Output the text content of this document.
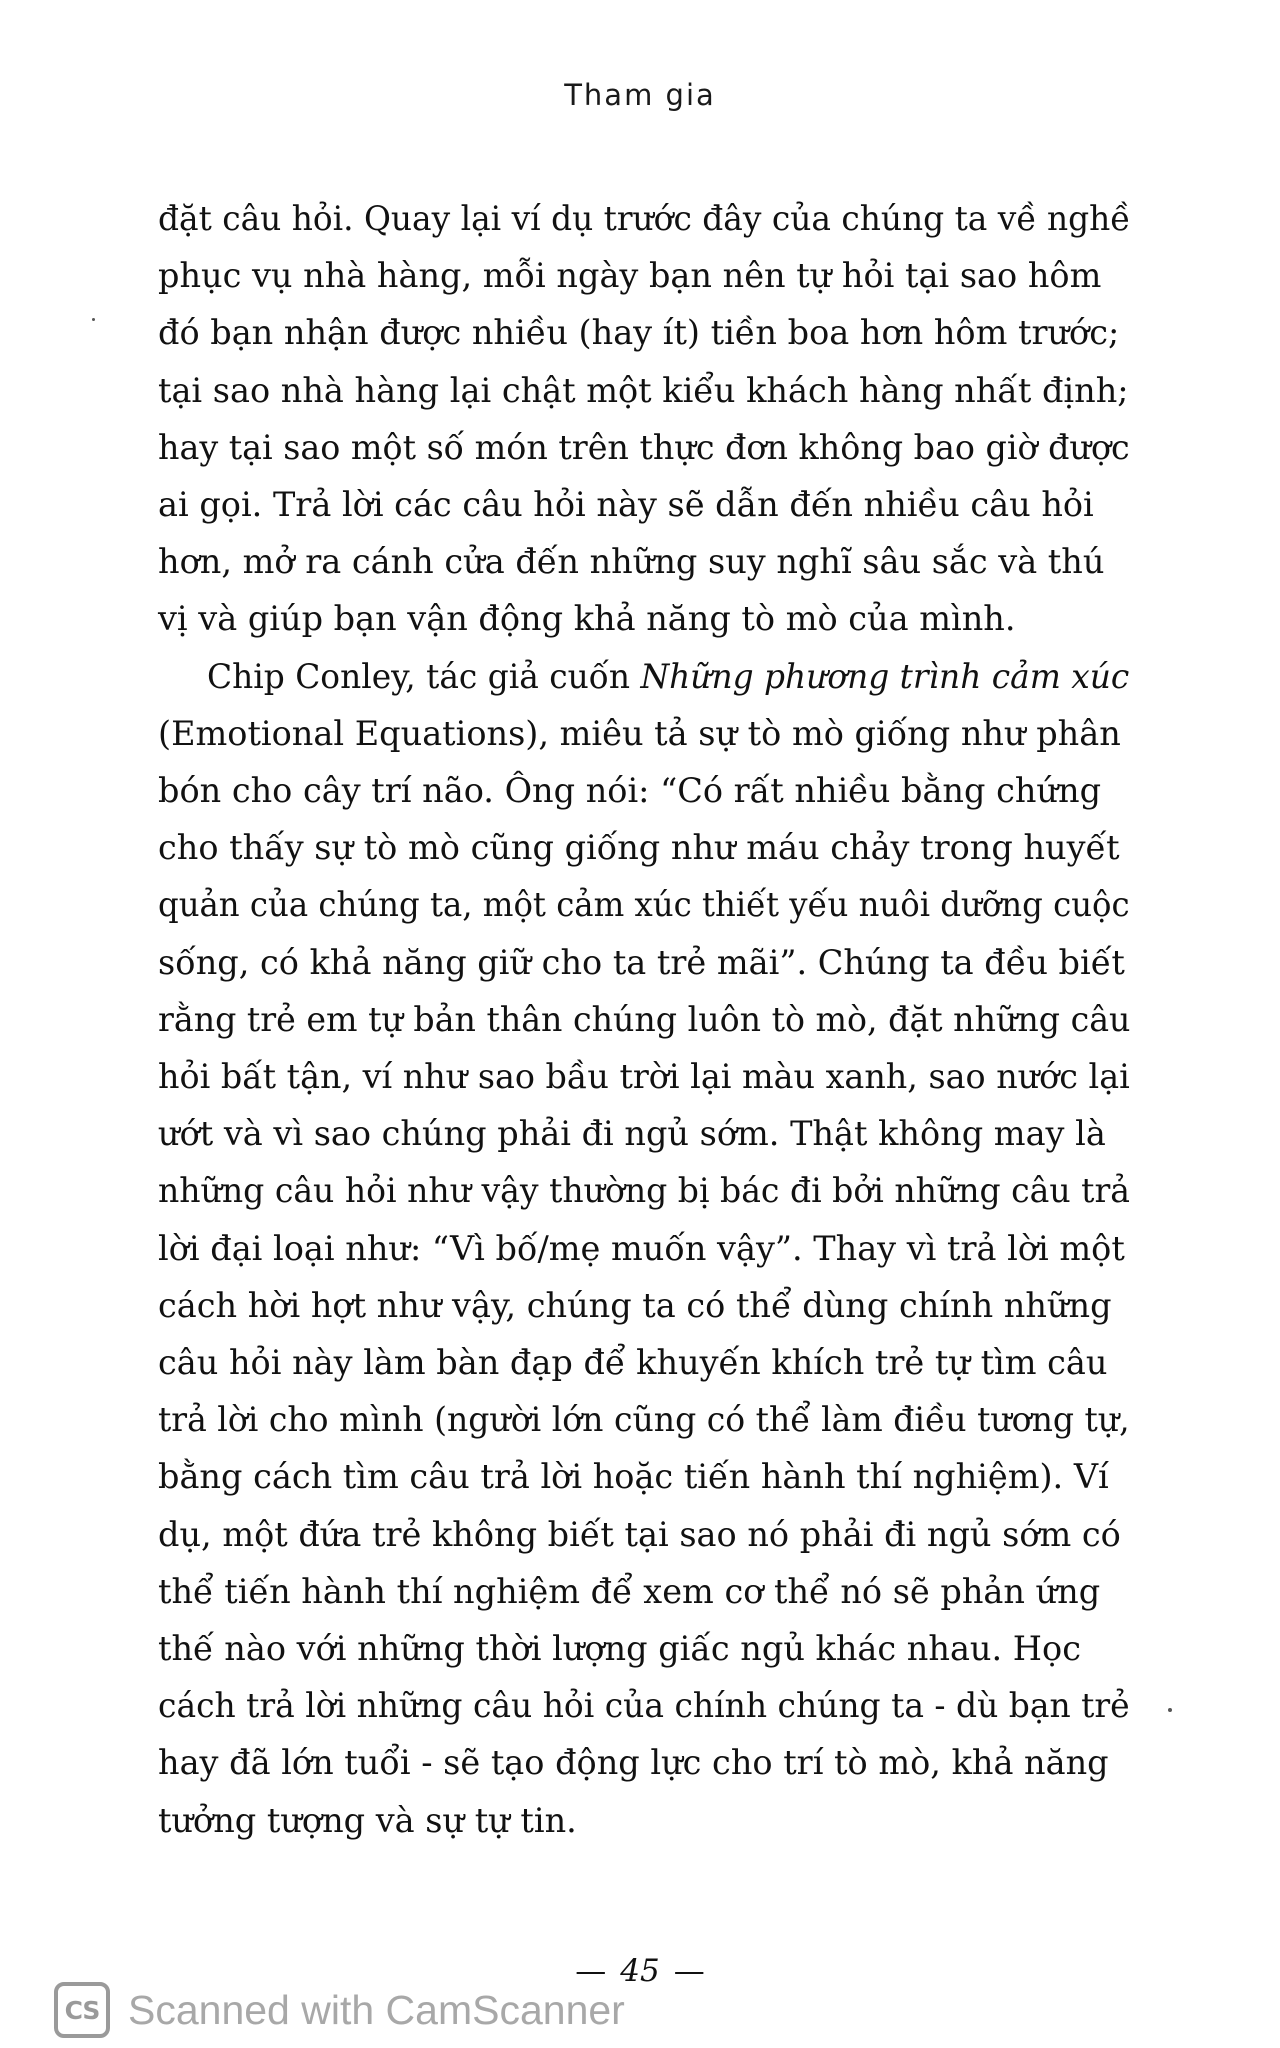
Tham gia
đặt câu hỏi. Quay lại ví dụ trước đây của chúng ta về nghề
phục vụ nhà hàng, mỗi ngày bạn nên tự hỏi tại sao hôm
đó bạn nhận được nhiều (hay ít) tiền boa hơn hôm trước;
tại sao nhà hàng lại chật một kiểu khách hàng nhất định;
hay tại sao một số món trên thực đơn không bao giờ được
ai gọi. Trả lời các câu hỏi này sẽ dẫn đến nhiều câu hỏi
hơn, mở ra cánh cửa đến những suy nghĩ sâu sắc và thú
vị và giúp bạn vận động khả năng tò mò của mình.
Chip Conley, tác giả cuốn Những phương trình cảm xúc
(Emotional Equations), miêu tả sự tò mò giống như phân
bón cho cây trí não. Ông nói: “Có rất nhiều bằng chứng
cho thấy sự tò mò cũng giống như máu chảy trong huyết
quản của chúng ta, một cảm xúc thiết yếu nuôi dưỡng cuộc
sống, có khả năng giữ cho ta trẻ mãi”. Chúng ta đều biết
rằng trẻ em tự bản thân chúng luôn tò mò, đặt những câu
hỏi bất tận, ví như sao bầu trời lại màu xanh, sao nước lại
ướt và vì sao chúng phải đi ngủ sớm. Thật không may là
những câu hỏi như vậy thường bị bác đi bởi những câu trả
lời đại loại như: “Vì bố/mẹ muốn vậy”. Thay vì trả lời một
cách hời hợt như vậy, chúng ta có thể dùng chính những
câu hỏi này làm bàn đạp để khuyến khích trẻ tự tìm câu
trả lời cho mình (người lớn cũng có thể làm điều tương tự,
bằng cách tìm câu trả lời hoặc tiến hành thí nghiệm). Ví
dụ, một đứa trẻ không biết tại sao nó phải đi ngủ sớm có
thể tiến hành thí nghiệm để xem cơ thể nó sẽ phản ứng
thế nào với những thời lượng giấc ngủ khác nhau. Học
cách trả lời những câu hỏi của chính chúng ta - dù bạn trẻ
hay đã lớn tuổi - sẽ tạo động lực cho trí tò mò, khả năng
tưởng tượng và sự tự tin.
— 45 —
CS Scanned with CamScanner
